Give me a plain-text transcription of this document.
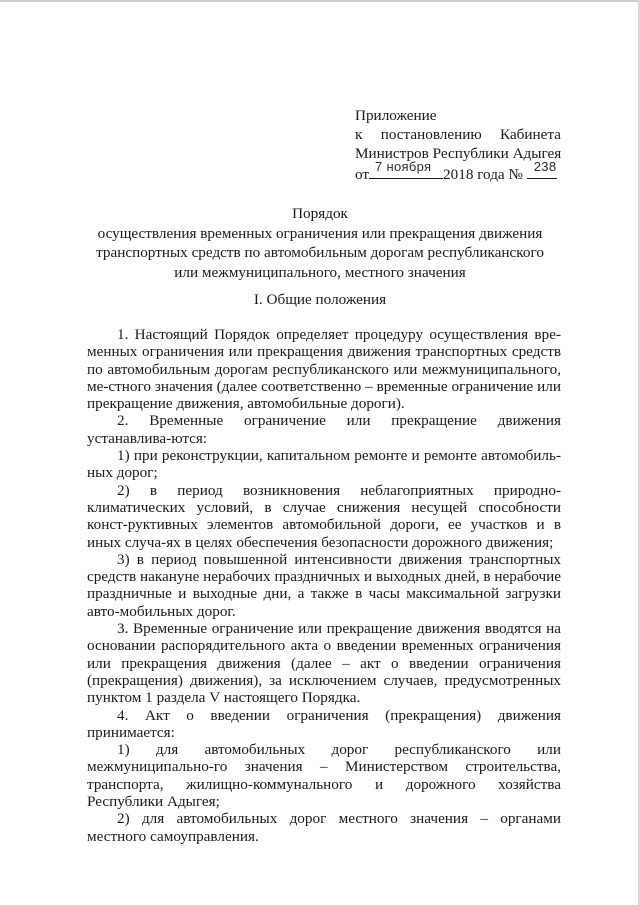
Приложение
к постановлению Кабинета
Министров Республики Адыгея
от 7 ноября 2018 года № 238
Порядок
осуществления временных ограничения или прекращения движения
транспортных средств по автомобильным дорогам республиканского
или межмуниципального, местного значения
I. Общие положения

1. Настоящий Порядок определяет процедуру осуществления вре-менных ограничения или прекращения движения транспортных средств по автомобильным дорогам республиканского или межмуниципального, ме-стного значения (далее соответственно – временные ограничение или прекращение движения, автомобильные дороги).

2. Временные ограничение или прекращение движения устанавлива-ются:

1) при реконструкции, капитальном ремонте и ремонте автомобиль-ных дорог;

2) в период возникновения неблагоприятных природно-климатических условий, в случае снижения несущей способности конст-руктивных элементов автомобильной дороги, ее участков и в иных случа-ях в целях обеспечения безопасности дорожного движения;

3) в период повышенной интенсивности движения транспортных средств накануне нерабочих праздничных и выходных дней, в нерабочие праздничные и выходные дни, а также в часы максимальной загрузки авто-мобильных дорог.

3. Временные ограничение или прекращение движения вводятся на основании распорядительного акта о введении временных ограничения или прекращения движения (далее – акт о введении ограничения (прекращения) движения), за исключением случаев, предусмотренных пунктом 1 раздела V настоящего Порядка.

4. Акт о введении ограничения (прекращения) движения принимается:

1) для автомобильных дорог республиканского или межмуниципально-го значения – Министерством строительства, транспорта, жилищно-коммунального и дорожного хозяйства Республики Адыгея;

2) для автомобильных дорог местного значения – органами местного самоуправления.
